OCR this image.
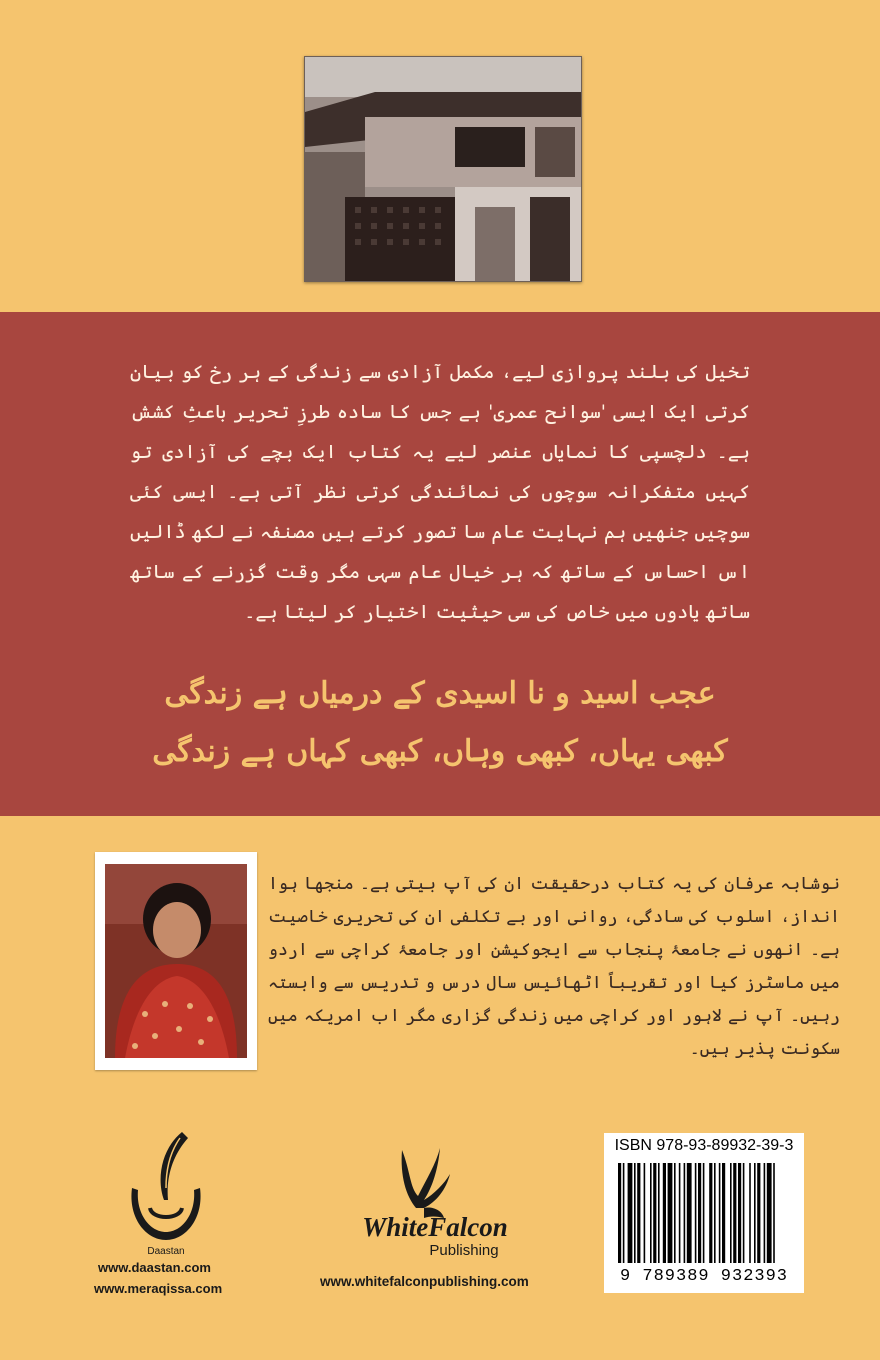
تخیل کی بلند پروازی لیے، مکمل آزادی سے زندگی کے ہر رخ کو بیان کرتی ایک ایسی 'سوانح عمری' ہے جس کا سادہ طرزِ تحریر باعثِ کشش ہے۔ دلچسپی کا نمایاں عنصر لیے یہ کتاب ایک بچے کی آزادی تو کہیں متفکرانہ سوچوں کی نمائندگی کرتی نظر آتی ہے۔ ایسی کئی سوچیں جنھیں ہم نہایت عام سا تصور کرتے ہیں مصنفہ نے لکھ ڈالیں اس احساس کے ساتھ کہ ہر خیال عام سہی مگر وقت گزرنے کے ساتھ ساتھ یادوں میں خاص کی سی حیثیت اختیار کر لیتا ہے۔

عجب اسید و نا اسیدی کے درمیاں ہے زندگی

کبھی یہاں، کبھی وہاں، کبھی کہاں ہے زندگی

نوشابہ عرفان کی یہ کتاب درحقیقت ان کی آپ بیتی ہے۔ منجھا ہوا انداز، اسلوب کی سادگی، روانی اور بے تکلفی ان کی تحریری خاصیت ہے۔ انھوں نے جامعۂ پنجاب سے ایجوکیشن اور جامعۂ کراچی سے اردو میں ماسٹرز کیا اور تقریباً اٹھائیس سال درس و تدریس سے وابستہ رہیں۔ آپ نے لاہور اور کراچی میں زندگی گزاری مگر اب امریکہ میں سکونت پذیر ہیں۔

Daastan

www.daastan.com

www.meraqissa.com

WhiteFalcon
Publishing

www.whitefalconpublishing.com

ISBN 978-93-89932-39-3

9 789389 932393
